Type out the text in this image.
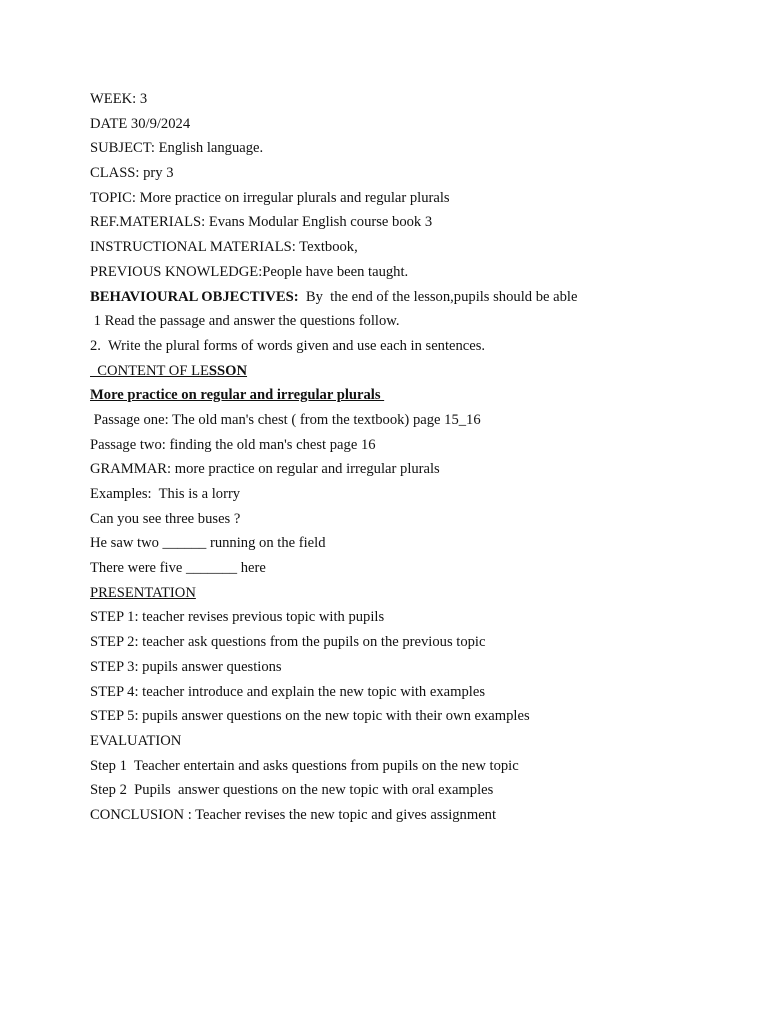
WEEK: 3
DATE 30/9/2024
SUBJECT: English language.
CLASS: pry 3
TOPIC: More practice on irregular plurals and regular plurals
REF.MATERIALS: Evans Modular English course book 3
INSTRUCTIONAL MATERIALS: Textbook,
PREVIOUS KNOWLEDGE:People have been taught.
BEHAVIOURAL OBJECTIVES:  By  the end of the lesson,pupils should be able
1 Read the passage and answer the questions follow.
2.  Write the plural forms of words given and use each in sentences.
CONTENT OF LESSON
More practice on regular and irregular plurals
Passage one: The old man's chest ( from the textbook) page 15_16
Passage two: finding the old man's chest page 16
GRAMMAR: more practice on regular and irregular plurals
Examples:  This is a lorry
Can you see three buses ?
He saw two ______ running on the field
There were five _______ here
PRESENTATION
STEP 1: teacher revises previous topic with pupils
STEP 2: teacher ask questions from the pupils on the previous topic
STEP 3: pupils answer questions
STEP 4: teacher introduce and explain the new topic with examples
STEP 5: pupils answer questions on the new topic with their own examples
EVALUATION
Step 1  Teacher entertain and asks questions from pupils on the new topic
Step 2  Pupils  answer questions on the new topic with oral examples
CONCLUSION : Teacher revises the new topic and gives assignment
